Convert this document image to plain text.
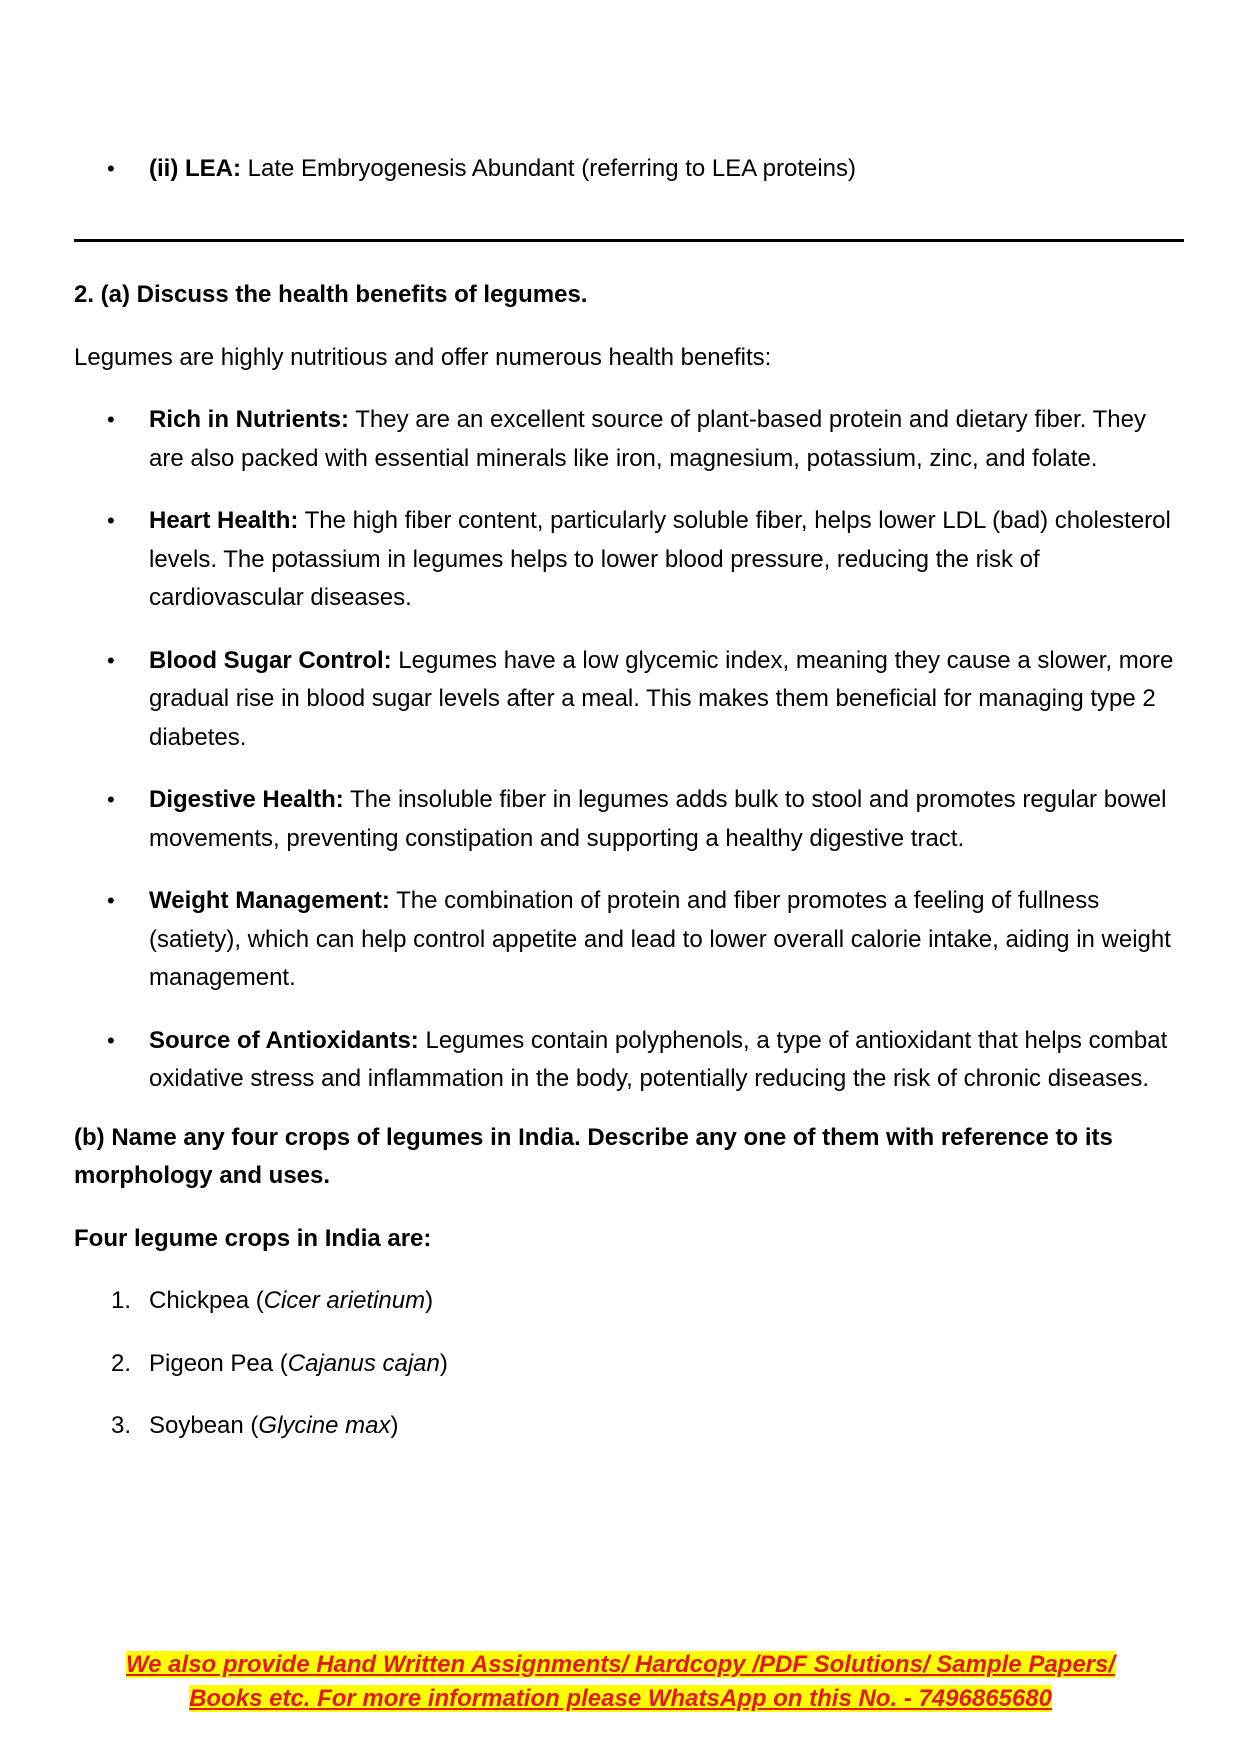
• (ii) LEA: Late Embryogenesis Abundant (referring to LEA proteins)

2. (a) Discuss the health benefits of legumes.

Legumes are highly nutritious and offer numerous health benefits:

• Rich in Nutrients: They are an excellent source of plant-based protein and dietary fiber. They are also packed with essential minerals like iron, magnesium, potassium, zinc, and folate.
• Heart Health: The high fiber content, particularly soluble fiber, helps lower LDL (bad) cholesterol levels. The potassium in legumes helps to lower blood pressure, reducing the risk of cardiovascular diseases.
• Blood Sugar Control: Legumes have a low glycemic index, meaning they cause a slower, more gradual rise in blood sugar levels after a meal. This makes them beneficial for managing type 2 diabetes.
• Digestive Health: The insoluble fiber in legumes adds bulk to stool and promotes regular bowel movements, preventing constipation and supporting a healthy digestive tract.
• Weight Management: The combination of protein and fiber promotes a feeling of fullness (satiety), which can help control appetite and lead to lower overall calorie intake, aiding in weight management.
• Source of Antioxidants: Legumes contain polyphenols, a type of antioxidant that helps combat oxidative stress and inflammation in the body, potentially reducing the risk of chronic diseases.

(b) Name any four crops of legumes in India. Describe any one of them with reference to its morphology and uses.

Four legume crops in India are:

1. Chickpea (Cicer arietinum)
2. Pigeon Pea (Cajanus cajan)
3. Soybean (Glycine max)
We also provide Hand Written Assignments/ Hardcopy /PDF Solutions/ Sample Papers/
Books etc. For more information please WhatsApp on this No. - 7496865680
